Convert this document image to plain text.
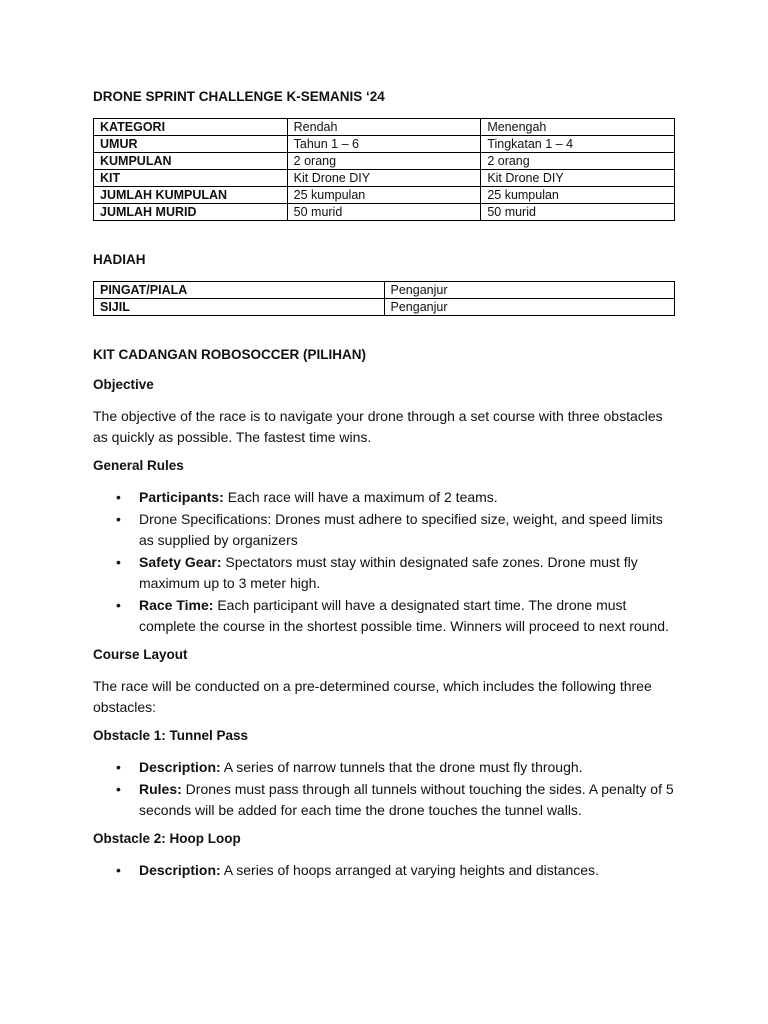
DRONE SPRINT CHALLENGE K-SEMANIS ‘24
KATEGORI	Rendah	Menengah
UMUR	Tahun 1 – 6	Tingkatan 1 – 4
KUMPULAN	2 orang	2 orang
KIT	Kit Drone DIY	Kit Drone DIY
JUMLAH KUMPULAN	25 kumpulan	25 kumpulan
JUMLAH MURID	50 murid	50 murid
HADIAH
PINGAT/PIALA	Penganjur
SIJIL	Penganjur
KIT CADANGAN ROBOSOCCER (PILIHAN)
Objective

The objective of the race is to navigate your drone through a set course with three obstacles as quickly as possible. The fastest time wins.

General Rules
• Participants: Each race will have a maximum of 2 teams.
• Drone Specifications: Drones must adhere to specified size, weight, and speed limits as supplied by organizers
• Safety Gear: Spectators must stay within designated safe zones. Drone must fly maximum up to 3 meter high.
• Race Time: Each participant will have a designated start time. The drone must complete the course in the shortest possible time. Winners will proceed to next round.
Course Layout

The race will be conducted on a pre-determined course, which includes the following three obstacles:

Obstacle 1: Tunnel Pass
• Description: A series of narrow tunnels that the drone must fly through.
• Rules: Drones must pass through all tunnels without touching the sides. A penalty of 5 seconds will be added for each time the drone touches the tunnel walls.
Obstacle 2: Hoop Loop
• Description: A series of hoops arranged at varying heights and distances.
